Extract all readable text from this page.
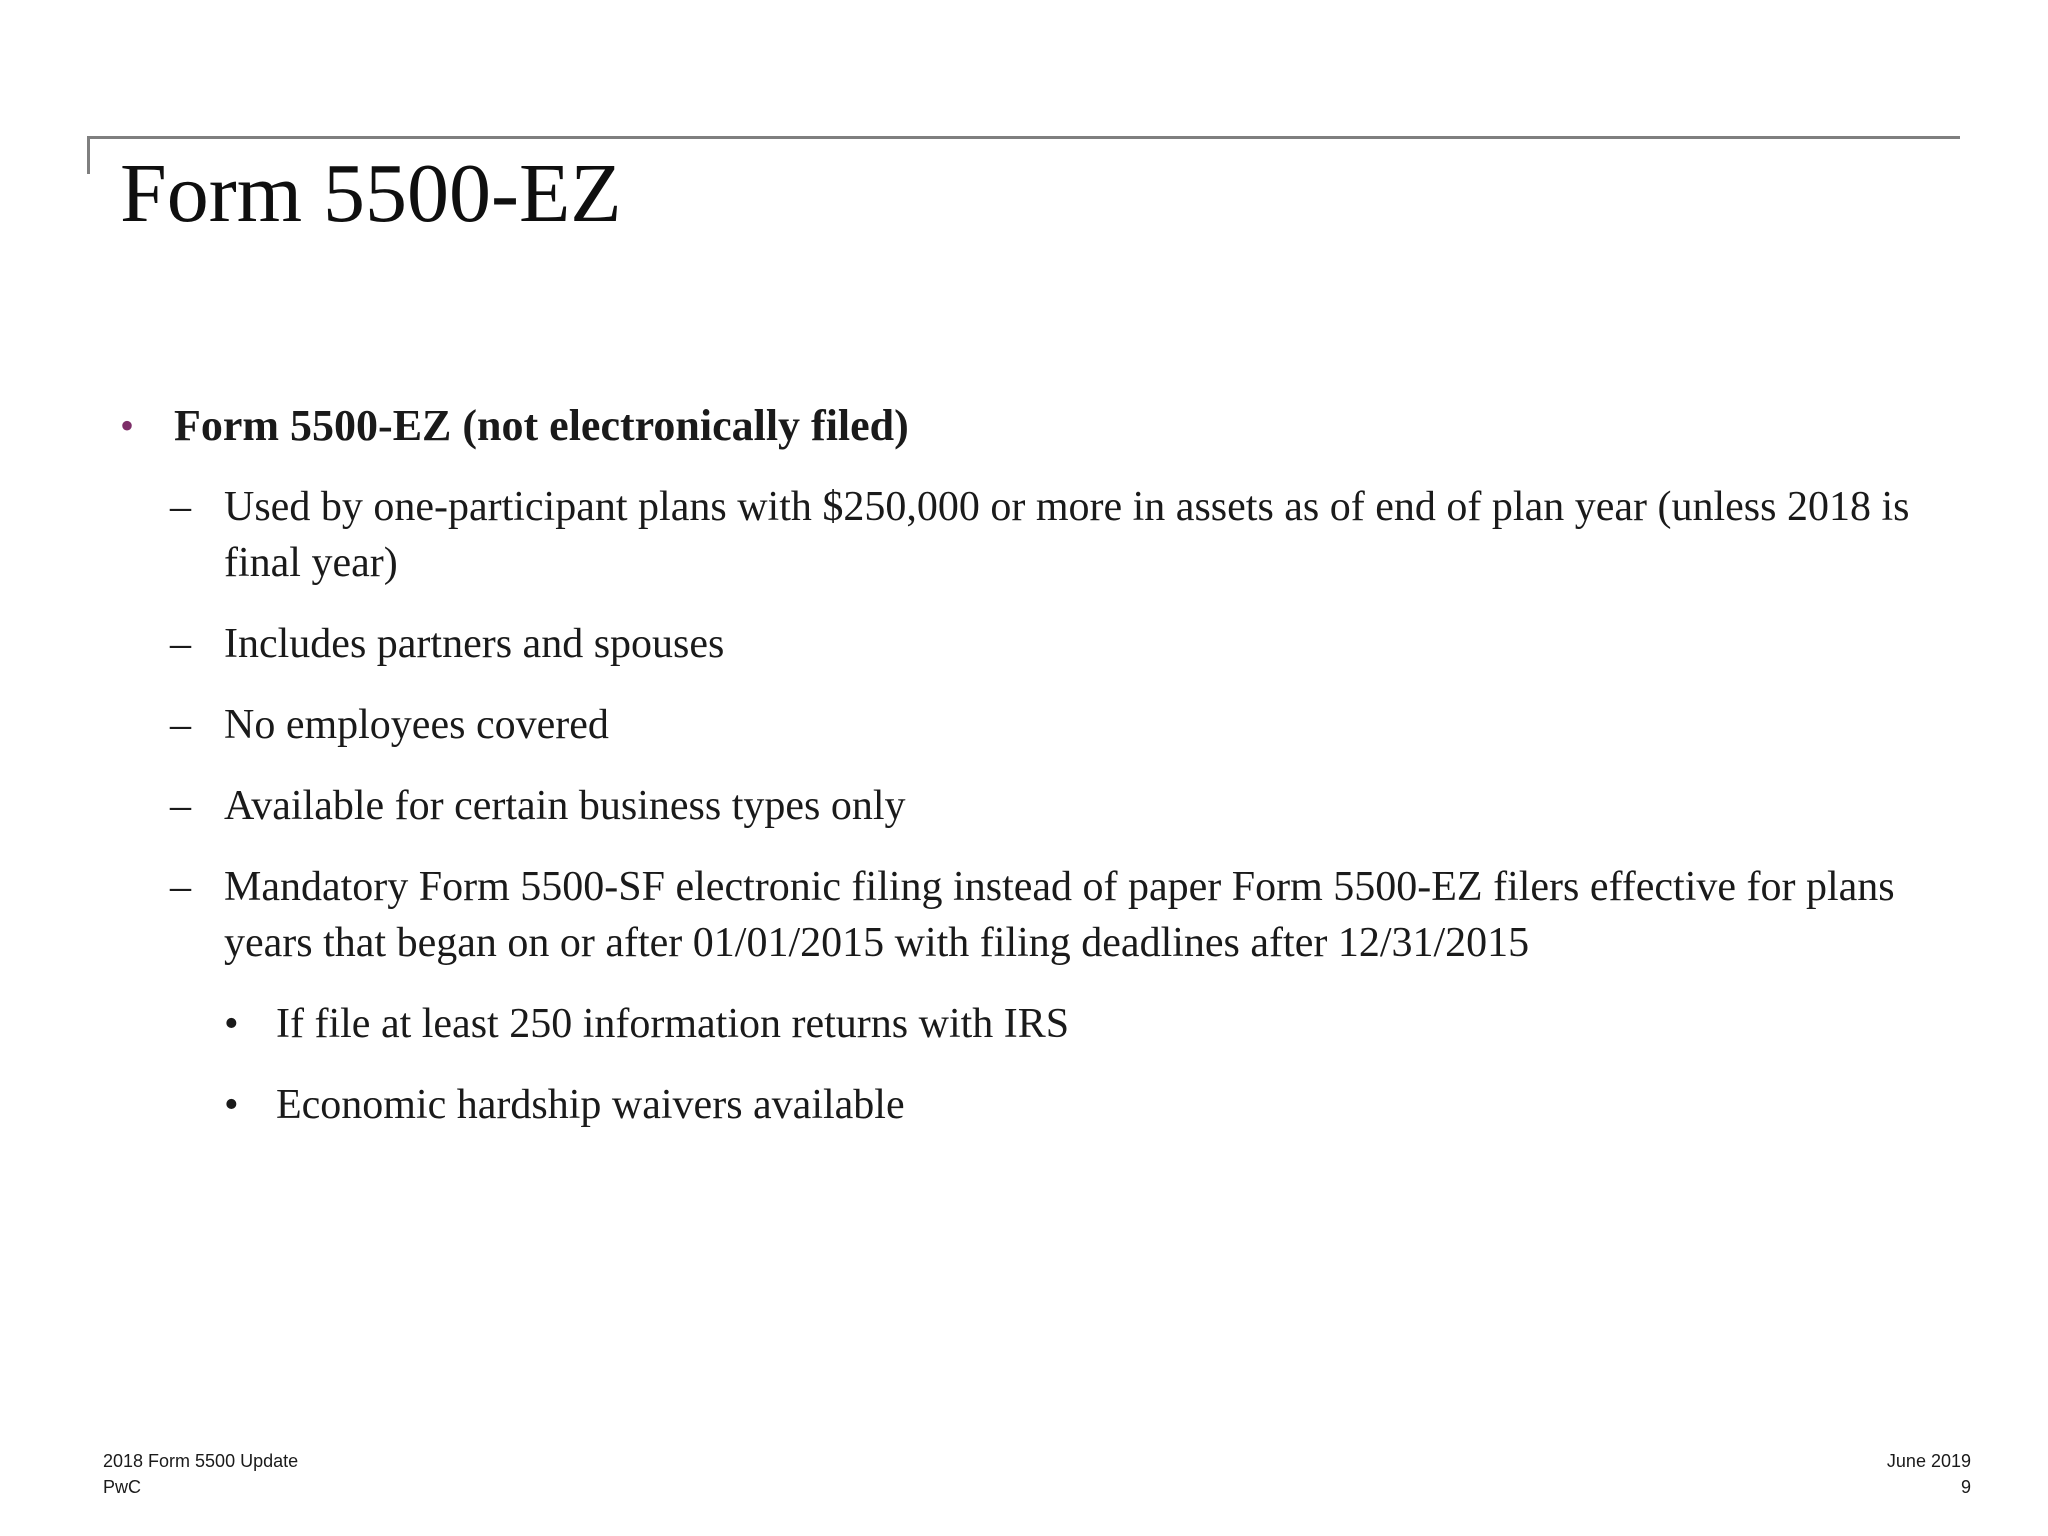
Form 5500-EZ
• Form 5500-EZ (not electronically filed)
– Used by one-participant plans with $250,000 or more in assets as of end of plan year (unless 2018 is final year)
– Includes partners and spouses
– No employees covered
– Available for certain business types only
– Mandatory Form 5500-SF electronic filing instead of paper Form 5500-EZ filers effective for plans years that began on or after 01/01/2015 with filing deadlines after 12/31/2015
• If file at least 250 information returns with IRS
• Economic hardship waivers available
2018 Form 5500 Update
PwC
June 2019
9
